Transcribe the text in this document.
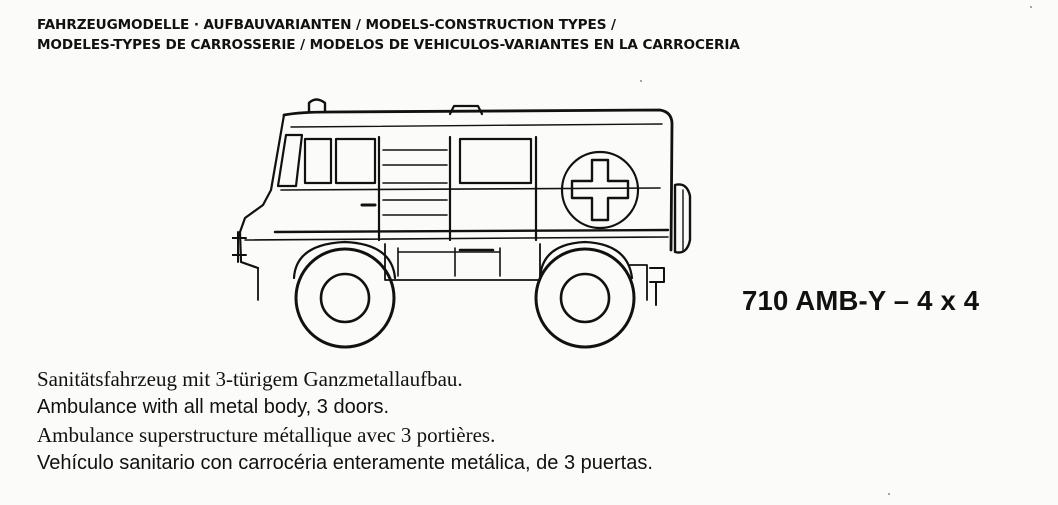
FAHRZEUGMODELLE · AUFBAUVARIANTEN / MODELS-CONSTRUCTION TYPES /
MODELES-TYPES DE CARROSSERIE / MODELOS DE VEHICULOS-VARIANTES EN LA CARROCERIA
710 AMB-Y – 4 x 4
Sanitätsfahrzeug mit 3-türigem Ganzmetallaufbau.
Ambulance with all metal body, 3 doors.
Ambulance superstructure métallique avec 3 portières.
Vehículo sanitario con carrocéria enteramente metálica, de 3 puertas.
